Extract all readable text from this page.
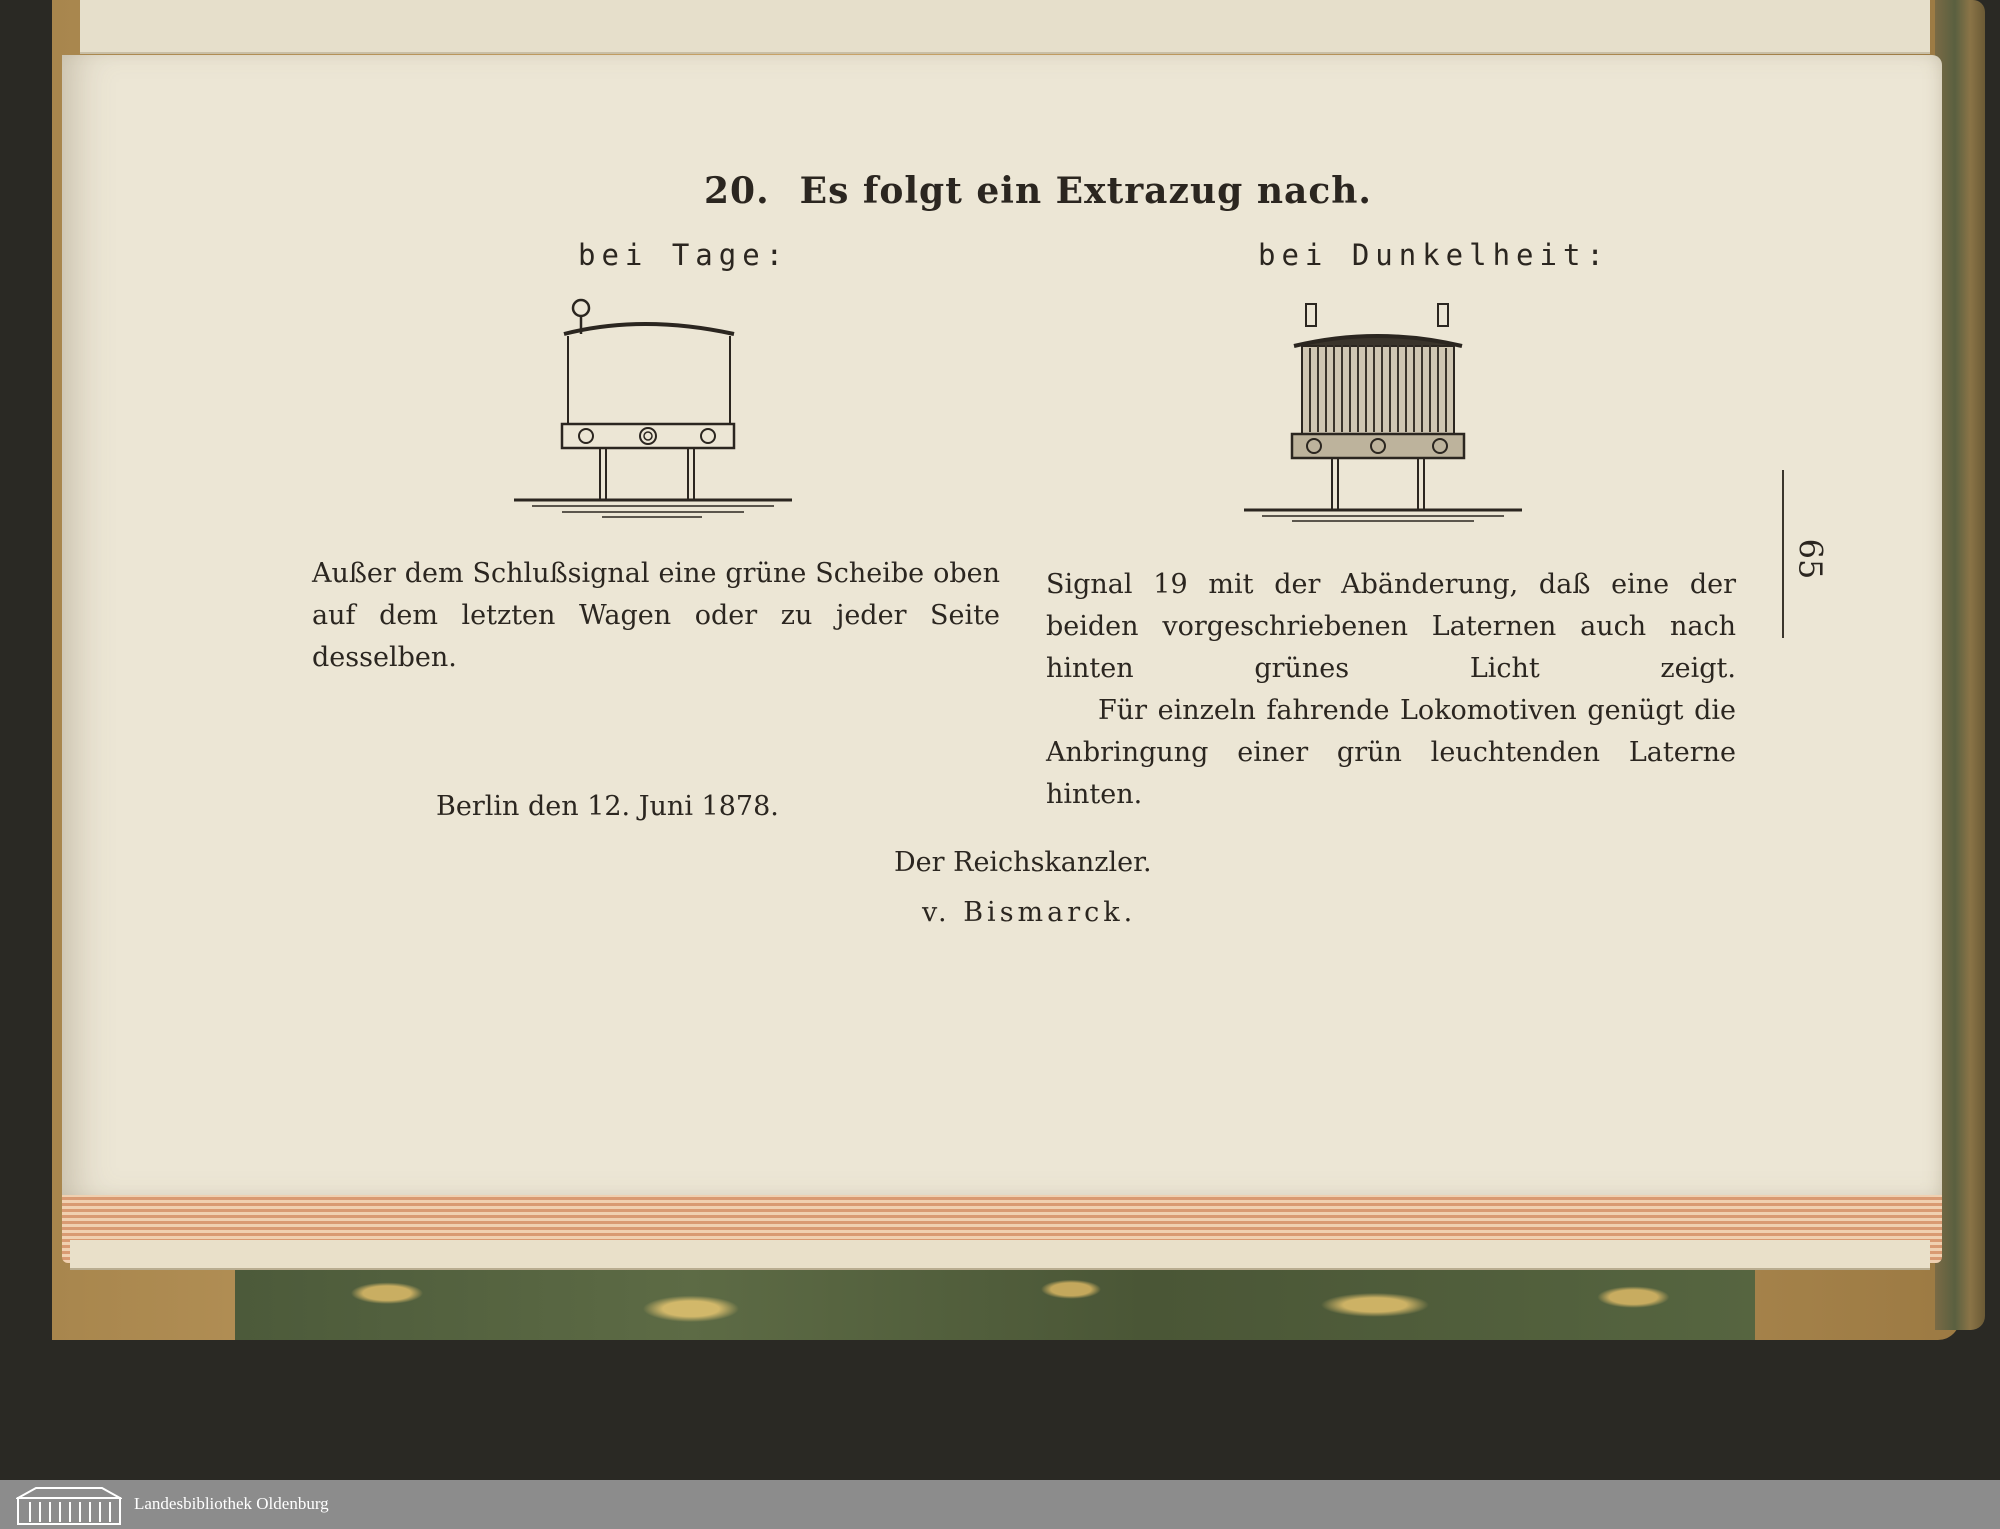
20. Es folgt ein Extrazug nach.
bei Tage:	bei Dunkelheit:
Außer dem Schlußsignal eine grüne Scheibe oben auf dem letzten Wagen oder zu jeder Seite desselben.
Signal 19 mit der Abänderung, daß eine der beiden vorgeschriebenen Laternen auch nach hinten grünes Licht zeigt.
Für einzeln fahrende Lokomotiven genügt die Anbringung einer grün leuchtenden Laterne hinten.
Berlin den 12. Juni 1878.
Der Reichskanzler.
v. Bismarck.
65
Landesbibliothek Oldenburg
